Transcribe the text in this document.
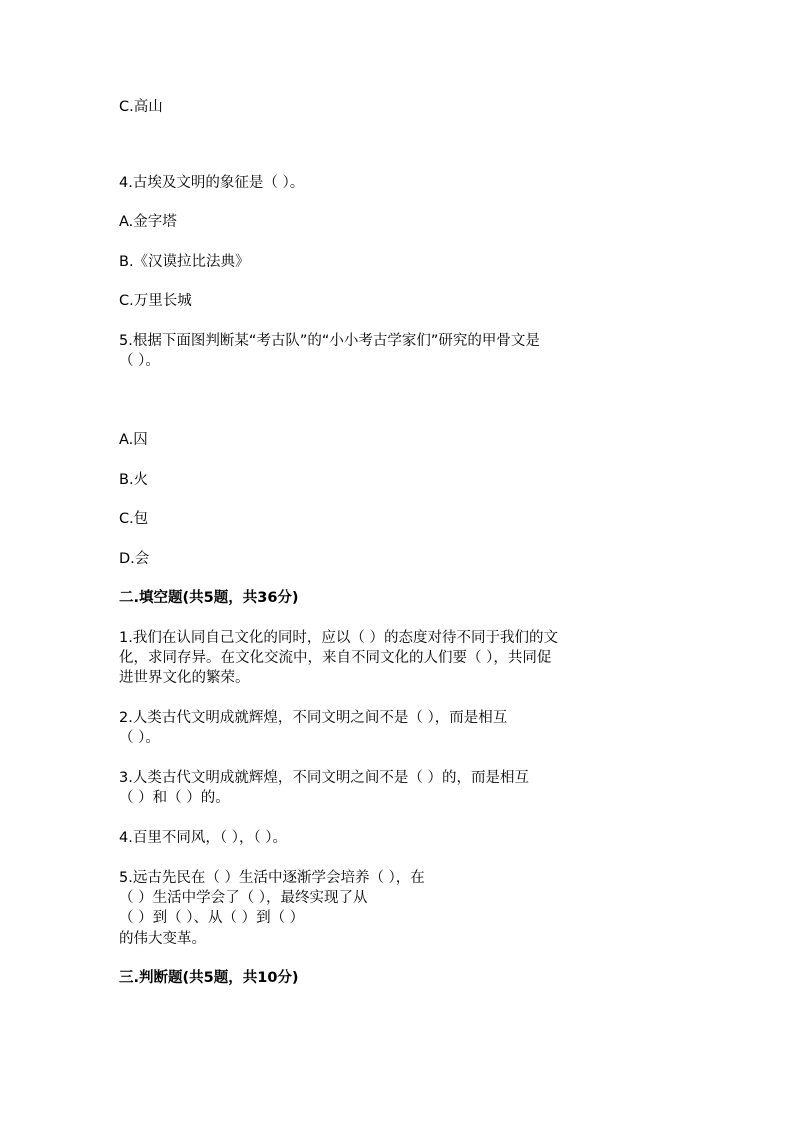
C.高山

4.古埃及文明的象征是（ ）。

A.金字塔

B.《汉谟拉比法典》

C.万里长城

5.根据下面图判断某“考古队”的“小小考古学家们”研究的甲骨文是

（ ）。

A.囚

B.火

C.包

D.会

二.填空题(共5题，共36分)

1.我们在认同自己文化的同时，应以（ ）的态度对待不同于我们的文

化，求同存异。在文化交流中，来自不同文化的人们要（ ），共同促

进世界文化的繁荣。

2.人类古代文明成就辉煌，不同文明之间不是（ ），而是相互

（ ）。

3.人类古代文明成就辉煌，不同文明之间不是（ ）的，而是相互

（ ）和（ ）的。

4.百里不同风，（ ），（ ）。

5.远古先民在（ ）生活中逐渐学会培养（ ），在

（ ）生活中学会了（ ），最终实现了从

（ ）到（ ）、从（ ）到（ ）

的伟大变革。

三.判断题(共5题，共10分)
